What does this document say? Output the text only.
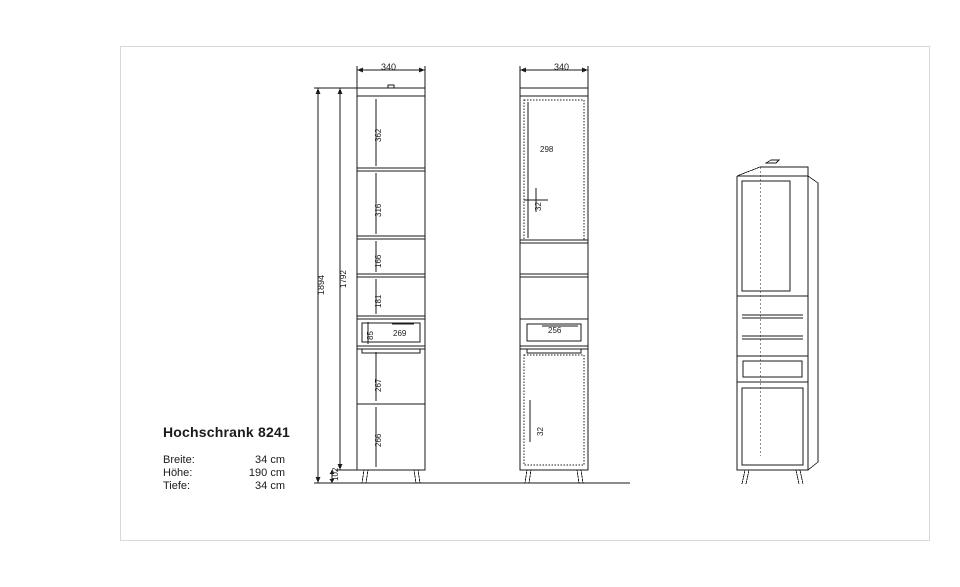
340	340
1894 1792
102
362
316
166
181
85 269
267
266
298
32
256
32
Hochschrank 8241
Breite:	34 cm
Höhe:	190 cm
Tiefe:	34 cm
